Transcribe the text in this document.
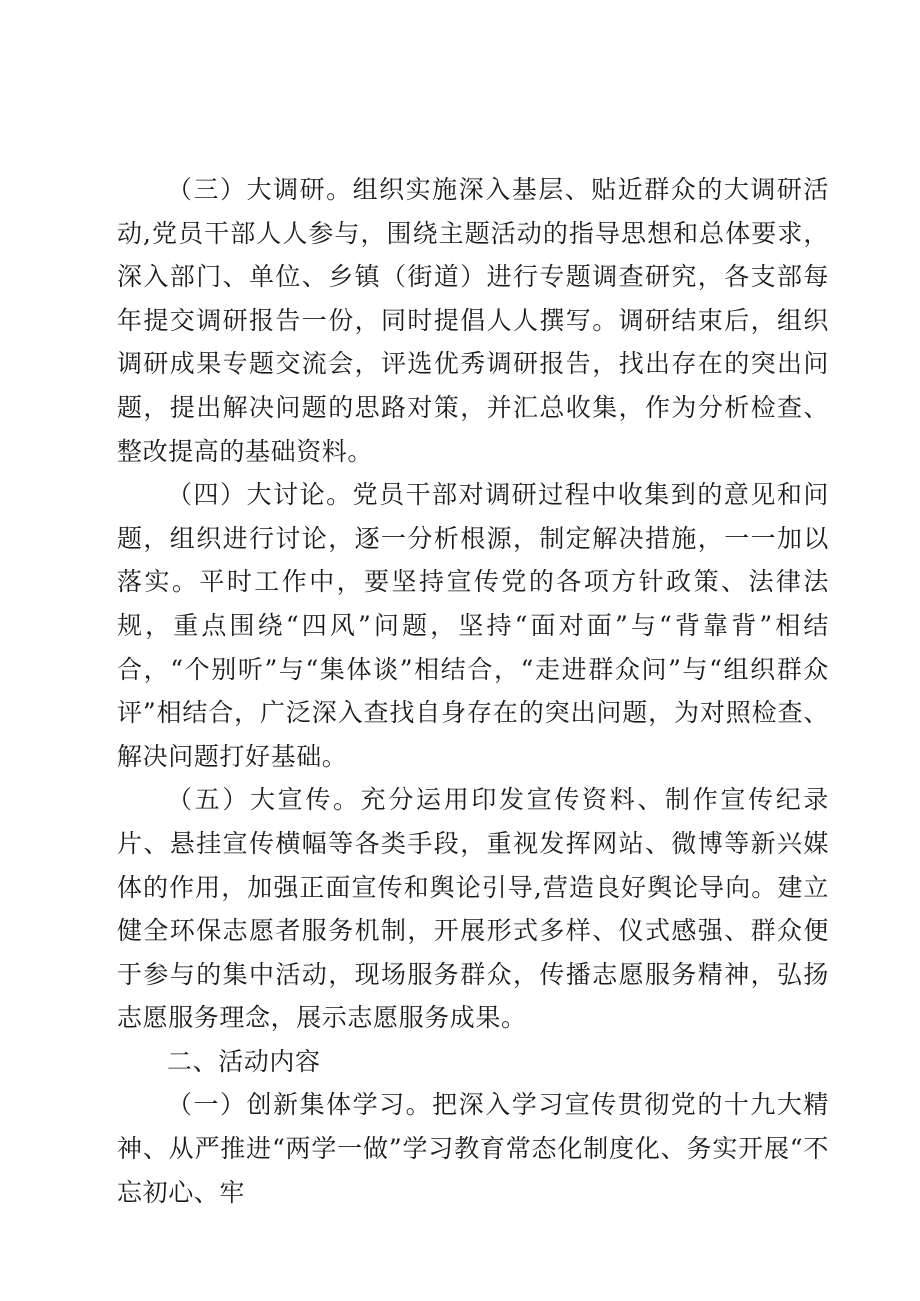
（三）大调研。组织实施深入基层、贴近群众的大调研活动,党员干部人人参与，围绕主题活动的指导思想和总体要求，深入部门、单位、乡镇（街道）进行专题调查研究，各支部每年提交调研报告一份，同时提倡人人撰写。调研结束后，组织调研成果专题交流会，评选优秀调研报告，找出存在的突出问题，提出解决问题的思路对策，并汇总收集，作为分析检查、整改提高的基础资料。

（四）大讨论。党员干部对调研过程中收集到的意见和问题，组织进行讨论，逐一分析根源，制定解决措施，一一加以落实。平时工作中，要坚持宣传党的各项方针政策、法律法规，重点围绕“四风”问题，坚持“面对面”与“背靠背”相结合，“个别听”与“集体谈”相结合，“走进群众问”与“组织群众评”相结合，广泛深入查找自身存在的突出问题，为对照检查、解决问题打好基础。

（五）大宣传。充分运用印发宣传资料、制作宣传纪录片、悬挂宣传横幅等各类手段，重视发挥网站、微博等新兴媒体的作用，加强正面宣传和舆论引导,营造良好舆论导向。建立健全环保志愿者服务机制，开展形式多样、仪式感强、群众便于参与的集中活动，现场服务群众，传播志愿服务精神，弘扬志愿服务理念，展示志愿服务成果。

二、活动内容

（一）创新集体学习。把深入学习宣传贯彻党的十九大精神、从严推进“两学一做”学习教育常态化制度化、务实开展“不忘初心、牢
